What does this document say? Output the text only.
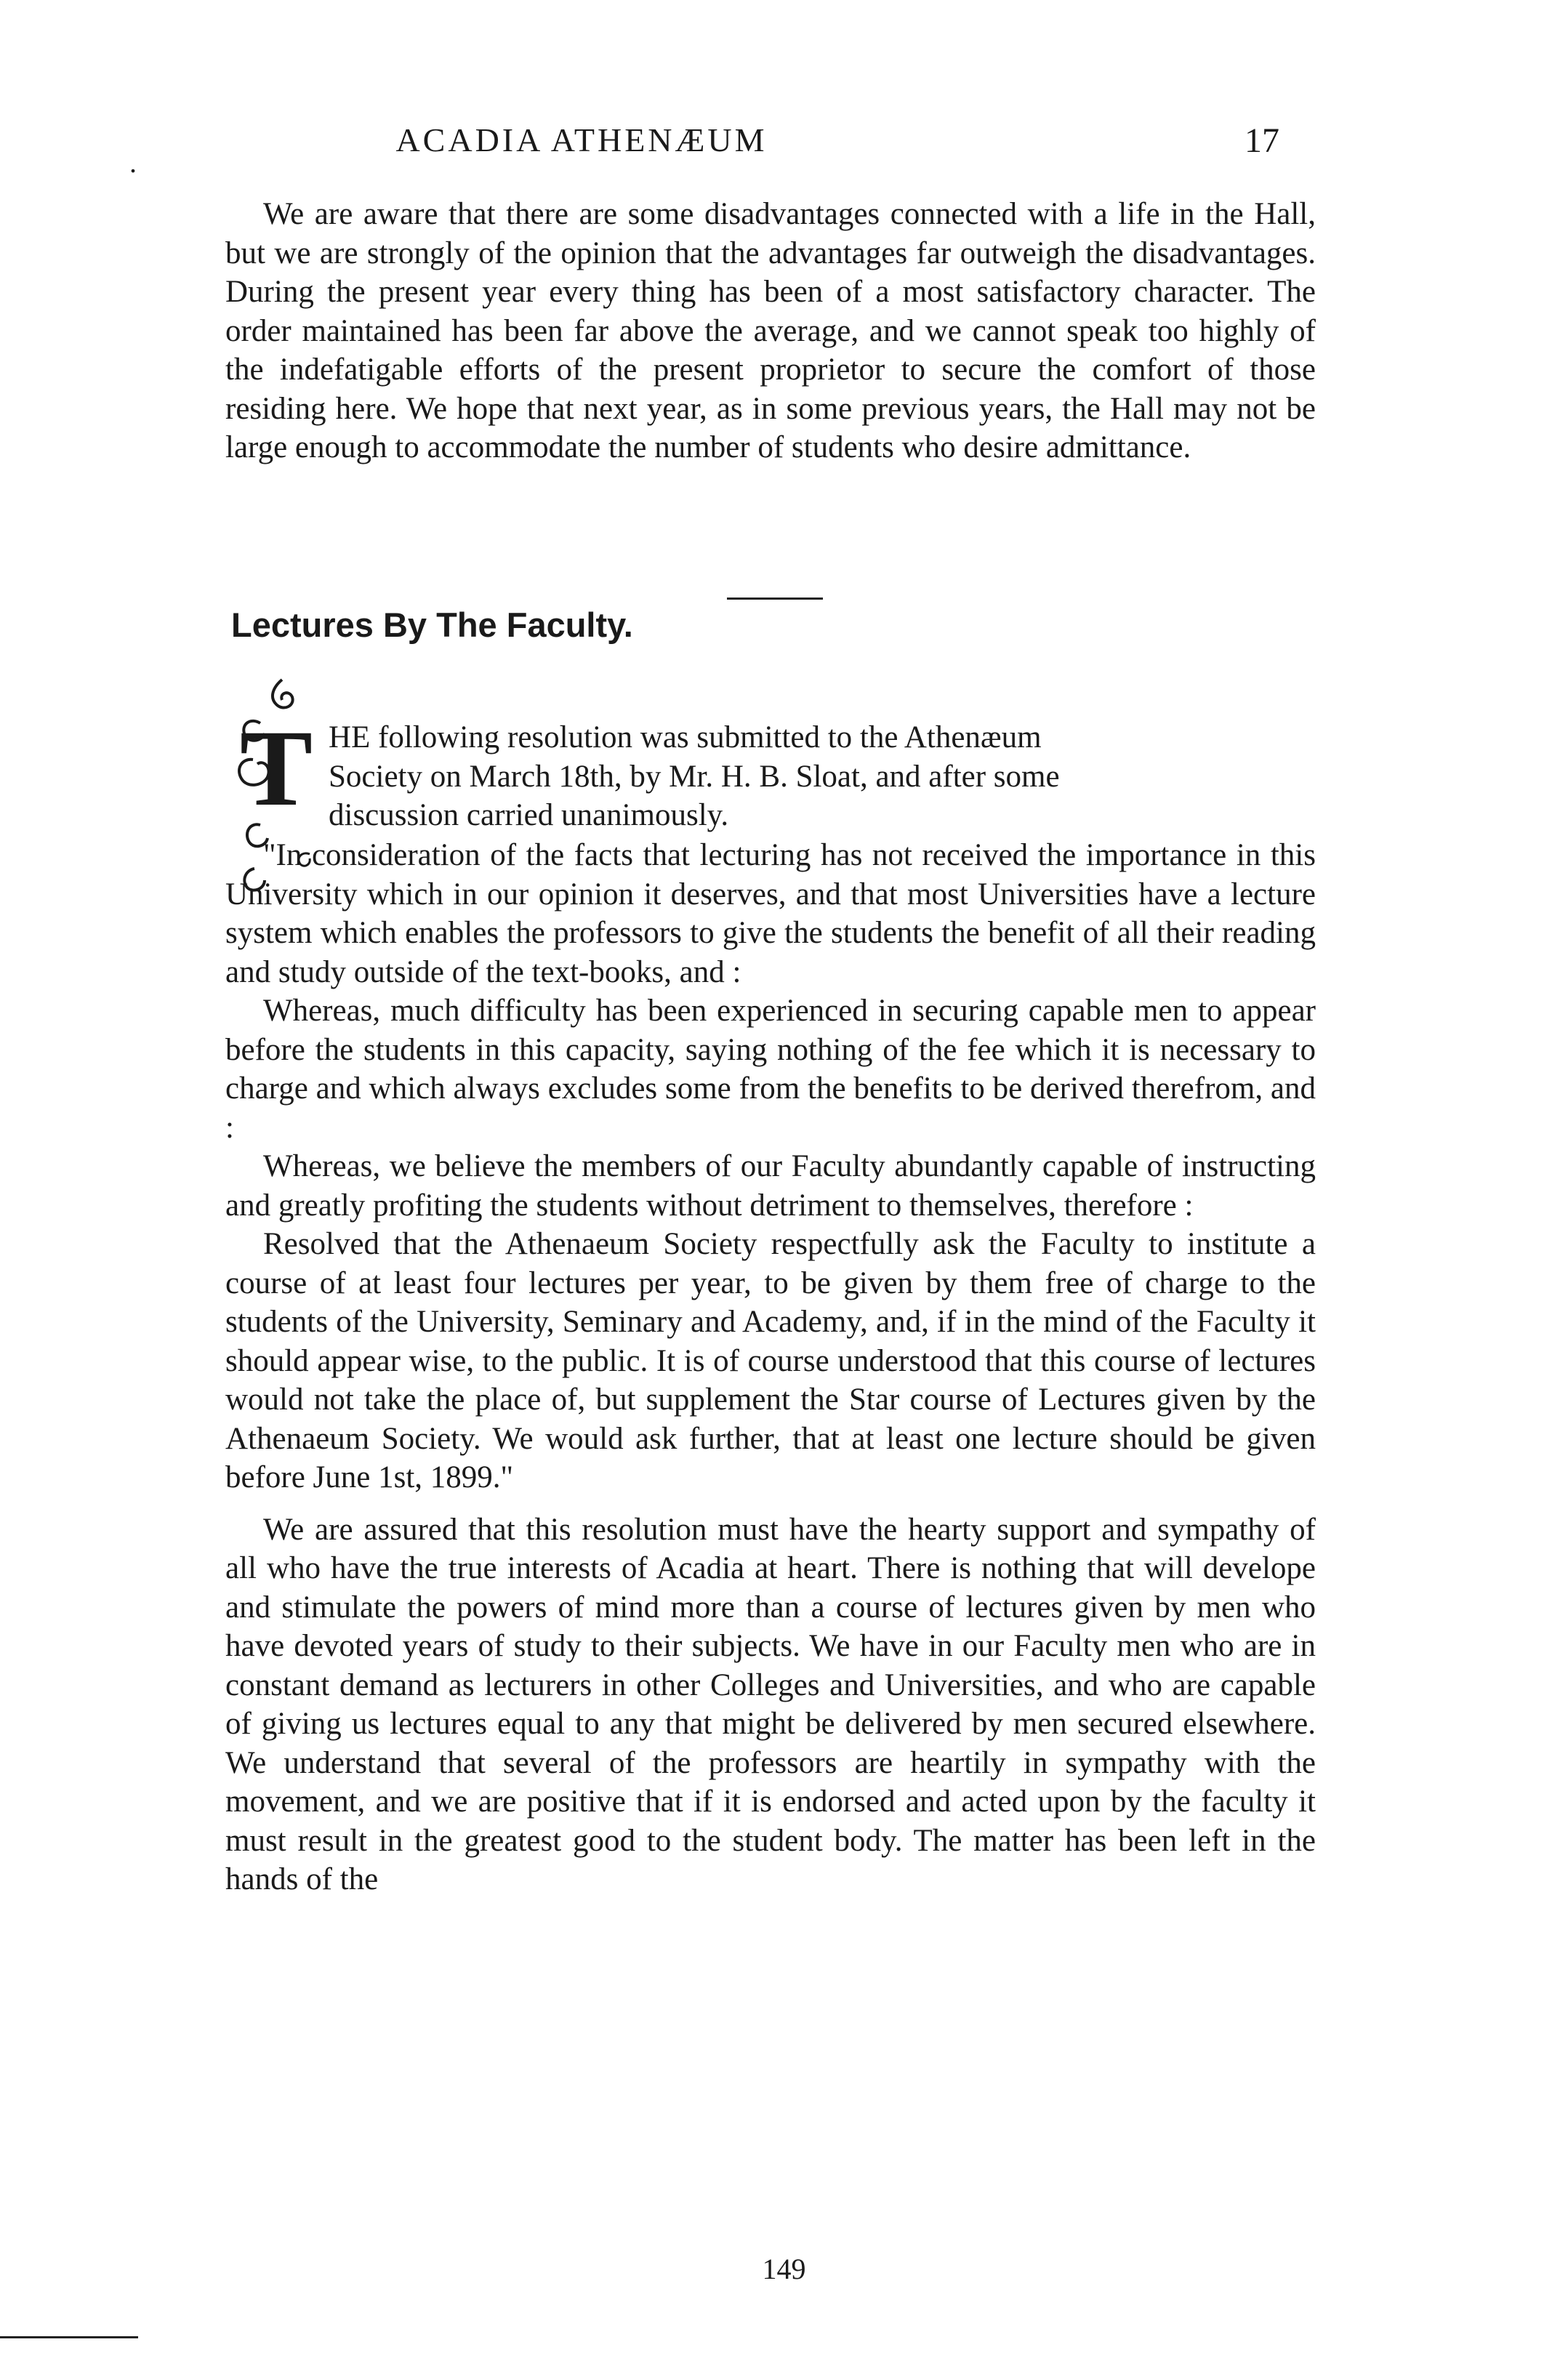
.
ACADIA ATHENÆUM	17

We are aware that there are some disadvantages connected with a life in the Hall, but we are strongly of the opinion that the advantages far outweigh the disadvantages. During the present year every thing has been of a most satisfactory character. The order maintained has been far above the average, and we cannot speak too highly of the indefatigable efforts of the present proprietor to secure the comfort of those residing here. We hope that next year, as in some previous years, the Hall may not be large enough to accommodate the number of students who desire admittance.

Lectures By The Faculty.
T HE following resolution was submitted to the Athenæum
Society on March 18th, by Mr. H. B. Sloat, and after some
discussion carried unanimously.

"In consideration of the facts that lecturing has not received the importance in this University which in our opinion it deserves, and that most Universities have a lecture system which enables the professors to give the students the benefit of all their reading and study outside of the text-books, and :

Whereas, much difficulty has been experienced in securing capable men to appear before the students in this capacity, saying nothing of the fee which it is necessary to charge and which always excludes some from the benefits to be derived therefrom, and :

Whereas, we believe the members of our Faculty abundantly capable of instructing and greatly profiting the students without detriment to themselves, therefore :

Resolved that the Athenaeum Society respectfully ask the Faculty to institute a course of at least four lectures per year, to be given by them free of charge to the students of the University, Seminary and Academy, and, if in the mind of the Faculty it should appear wise, to the public. It is of course understood that this course of lectures would not take the place of, but supplement the Star course of Lectures given by the Athenaeum Society. We would ask further, that at least one lecture should be given before June 1st, 1899."

We are assured that this resolution must have the hearty support and sympathy of all who have the true interests of Acadia at heart. There is nothing that will develope and stimulate the powers of mind more than a course of lectures given by men who have devoted years of study to their subjects. We have in our Faculty men who are in constant demand as lecturers in other Colleges and Universities, and who are capable of giving us lectures equal to any that might be delivered by men secured elsewhere. We understand that several of the professors are heartily in sympathy with the movement, and we are positive that if it is endorsed and acted upon by the faculty it must result in the greatest good to the student body. The matter has been left in the hands of the

149
